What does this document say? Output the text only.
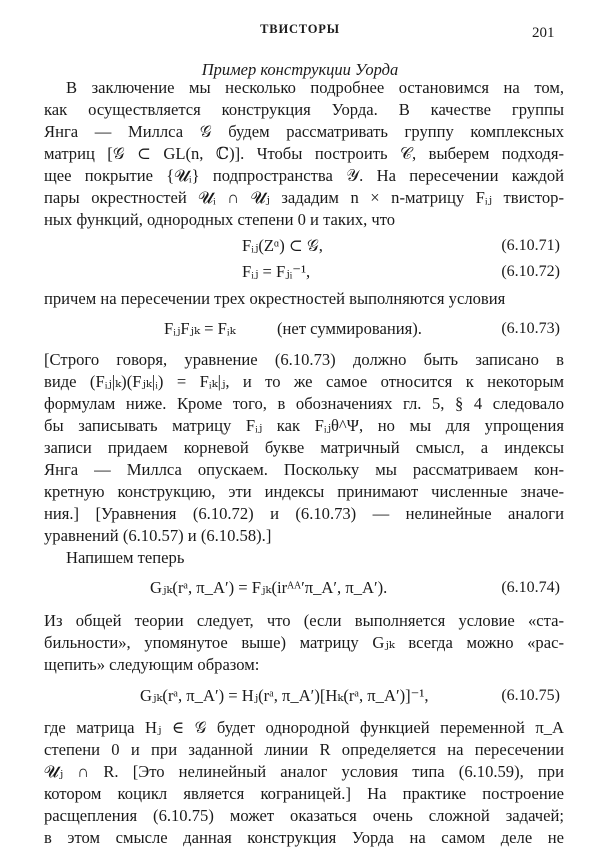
ТВИСТОРЫ	201
Пример конструкции Уорда
В заключение мы несколько подробнее остановимся на том,
как осуществляется конструкция Уорда. В качестве группы
Янга — Миллса 𝒢 будем рассматривать группу комплексных
матриц [𝒢 ⊂ GL(n, ℂ)]. Чтобы построить 𝒞, выберем подходя-
щее покрытие {𝓤ᵢ} подпространства 𝒴. На пересечении каждой
пары окрестностей 𝓤ᵢ ∩ 𝓤ⱼ зададим n × n-матрицу Fᵢⱼ твистор-
ных функций, однородных степени 0 и таких, что
Fᵢⱼ(Zᵅ) ⊂ 𝒢,	(6.10.71)
Fᵢⱼ = Fⱼᵢ⁻¹,	(6.10.72)
причем на пересечении трех окрестностей выполняются условия
FᵢⱼFⱼₖ = Fᵢₖ (нет суммирования).	(6.10.73)
[Строго говоря, уравнение (6.10.73) должно быть записано в
виде (Fᵢⱼ|ₖ)(Fⱼₖ|ᵢ) = Fᵢₖ|ⱼ, и то же самое относится к некоторым
формулам ниже. Кроме того, в обозначениях гл. 5, § 4 следовало
бы записывать матрицу Fᵢⱼ как Fᵢⱼθ^Ψ, но мы для упрощения
записи придаем корневой букве матричный смысл, а индексы
Янга — Миллса опускаем. Поскольку мы рассматриваем кон-
кретную конструкцию, эти индексы принимают численные значе-
ния.] [Уравнения (6.10.72) и (6.10.73) — нелинейные аналоги
уравнений (6.10.57) и (6.10.58).]
Напишем теперь
Gⱼₖ(rᵃ, π_A′) = Fⱼₖ(irᴬᴬ′π_A′, π_A′).	(6.10.74)
Из общей теории следует, что (если выполняется условие «ста-
бильности», упомянутое выше) матрицу Gⱼₖ всегда можно «рас-
щепить» следующим образом:
Gⱼₖ(rᵃ, π_A′) = Hⱼ(rᵃ, π_A′)[Hₖ(rᵃ, π_A′)]⁻¹,	(6.10.75)
где матрица Hⱼ ∈ 𝒢 будет однородной функцией переменной π_A
степени 0 и при заданной линии R определяется на пересечении
𝓤ⱼ ∩ R. [Это нелинейный аналог условия типа (6.10.59), при
котором коцикл является кограницей.] На практике построение
расщепления (6.10.75) может оказаться очень сложной задачей;
в этом смысле данная конструкция Уорда на самом деле не
